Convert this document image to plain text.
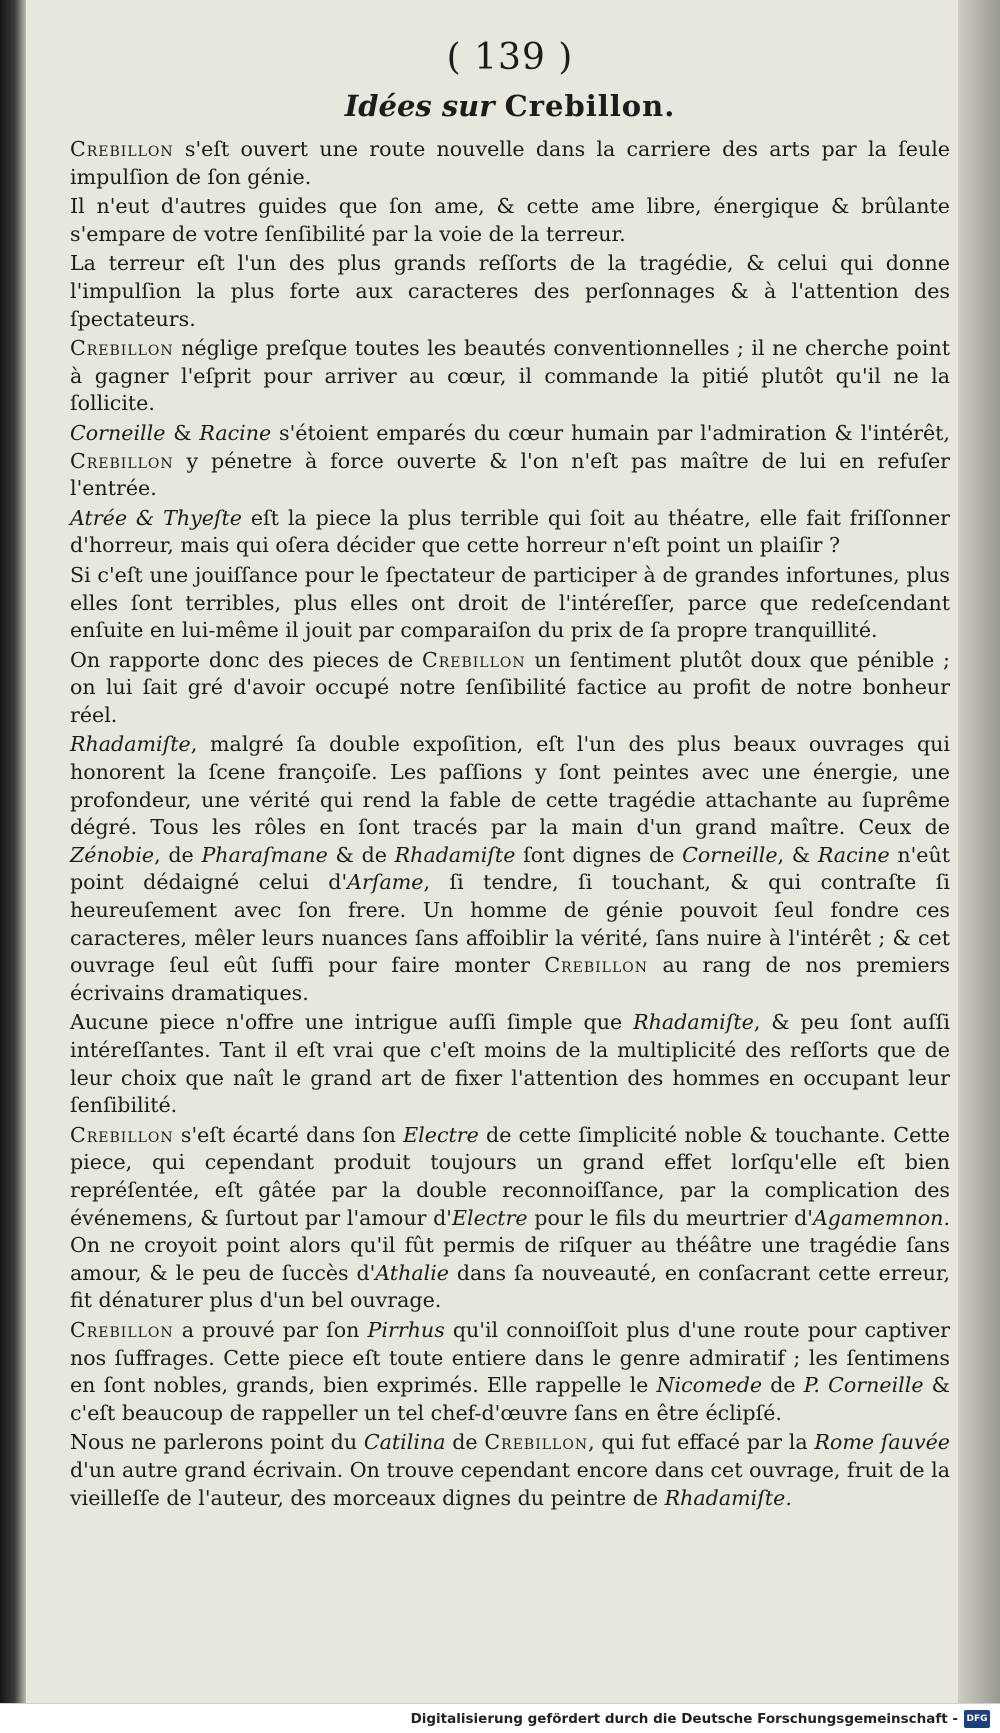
( 139 )
Idées sur Crebillon.

Crebillon s'eſt ouvert une route nouvelle dans la carriere des arts par la ſeule impulſion de ſon génie.

Il n'eut d'autres guides que ſon ame, & cette ame libre, énergique & brûlante s'empare de votre ſenſibilité par la voie de la terreur.

La terreur eſt l'un des plus grands reſſorts de la tragédie, & celui qui donne l'impulſion la plus forte aux caracteres des perſonnages & à l'attention des ſpectateurs.

Crebillon néglige preſque toutes les beautés conventionnelles ; il ne cherche point à gagner l'eſprit pour arriver au cœur, il commande la pitié plutôt qu'il ne la ſollicite.

Corneille & Racine s'étoient emparés du cœur humain par l'admiration & l'intérêt, Crebillon y pénetre à force ouverte & l'on n'eſt pas maître de lui en refuſer l'entrée.

Atrée & Thyeſte eſt la piece la plus terrible qui ſoit au théatre, elle fait friſſonner d'horreur, mais qui oſera décider que cette horreur n'eſt point un plaiſir ?

Si c'eſt une jouiſſance pour le ſpectateur de participer à de grandes infortunes, plus elles ſont terribles, plus elles ont droit de l'intéreſſer, parce que redeſcendant enſuite en lui-même il jouit par comparaiſon du prix de ſa propre tranquillité.

On rapporte donc des pieces de Crebillon un ſentiment plutôt doux que pénible ; on lui ſait gré d'avoir occupé notre ſenſibilité factice au profit de notre bonheur réel.

Rhadamiſte, malgré ſa double expoſition, eſt l'un des plus beaux ouvrages qui honorent la ſcene françoiſe. Les paſſions y ſont peintes avec une énergie, une profondeur, une vérité qui rend la fable de cette tragédie attachante au ſuprême dégré. Tous les rôles en ſont tracés par la main d'un grand maître. Ceux de Zénobie, de Pharaſmane & de Rhadamiſte ſont dignes de Corneille, & Racine n'eût point dédaigné celui d'Arſame, ſi tendre, ſi touchant, & qui contraſte ſi heureuſement avec ſon frere. Un homme de génie pouvoit ſeul fondre ces caracteres, mêler leurs nuances ſans affoiblir la vérité, ſans nuire à l'intérêt ; & cet ouvrage ſeul eût ſuffi pour faire monter Crebillon au rang de nos premiers écrivains dramatiques.

Aucune piece n'offre une intrigue auſſi ſimple que Rhadamiſte, & peu ſont auſſi intéreſſantes. Tant il eſt vrai que c'eſt moins de la multiplicité des reſſorts que de leur choix que naît le grand art de fixer l'attention des hommes en occupant leur ſenſibilité.

Crebillon s'eſt écarté dans ſon Electre de cette ſimplicité noble & touchante. Cette piece, qui cependant produit toujours un grand effet lorſqu'elle eſt bien repréſentée, eſt gâtée par la double reconnoiſſance, par la complication des événemens, & ſurtout par l'amour d'Electre pour le fils du meurtrier d'Agamemnon. On ne croyoit point alors qu'il fût permis de riſquer au théâtre une tragédie ſans amour, & le peu de ſuccès d'Athalie dans ſa nouveauté, en conſacrant cette erreur, fit dénaturer plus d'un bel ouvrage.

Crebillon a prouvé par ſon Pirrhus qu'il connoiſſoit plus d'une route pour captiver nos ſuffrages. Cette piece eſt toute entiere dans le genre admiratif ; les ſentimens en ſont nobles, grands, bien exprimés. Elle rappelle le Nicomede de P. Corneille & c'eſt beaucoup de rappeller un tel chef-d'œuvre ſans en être éclipſé.

Nous ne parlerons point du Catilina de Crebillon, qui fut effacé par la Rome ſauvée d'un autre grand écrivain. On trouve cependant encore dans cet ouvrage, fruit de la vieilleſſe de l'auteur, des morceaux dignes du peintre de Rhadamiſte.

Digitalisierung gefördert durch die Deutsche Forschungsgemeinschaft - DFG
